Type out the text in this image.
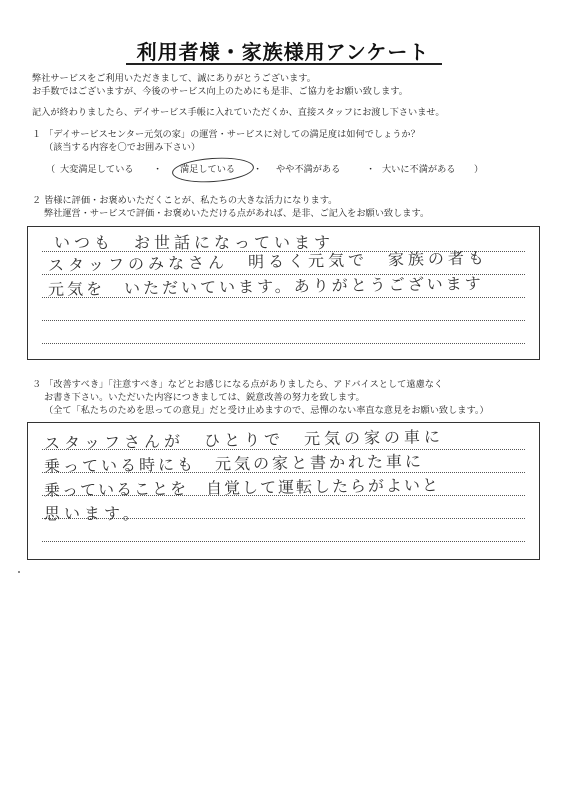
利用者様・家族様用アンケート
弊社サービスをご利用いただきまして、誠にありがとうございます。
お手数ではございますが、今後のサービス向上のためにも是非、ご協力をお願い致します。
記入が終わりましたら、デイサービス手帳に入れていただくか、直接スタッフにお渡し下さいませ。
１ 「デイサービスセンター元気の家」の運営・サービスに対しての満足度は如何でしょうか？
（該当する内容を〇でお囲み下さい）
（ 大変満足している ・ 満足している ・ やや不満がある	・ 大いに不満がある ）
２ 皆様に評価・お褒めいただくことが、私たちの大きな活力になります。
弊社運営・サービスで評価・お褒めいただける点があれば、是非、ご記入をお願い致します。
いつも　お世話になっています
スタッフのみなさん　明るく元気で　家族の者も
元気を　いただいています。ありがとうございます
３ 「改善すべき」「注意すべき」などとお感じになる点がありましたら、アドバイスとして遠慮なく
お書き下さい。いただいた内容につきましては、鋭意改善の努力を致します。
（全て「私たちのためを思っての意見」だと受け止めますので、忌憚のない率直な意見をお願い致します。）
スタッフさんが　ひとりで　元気の家の車に
乗っている時にも　元気の家と書かれた車に
乗っていることを　自覚して運転したらがよいと
思います。
